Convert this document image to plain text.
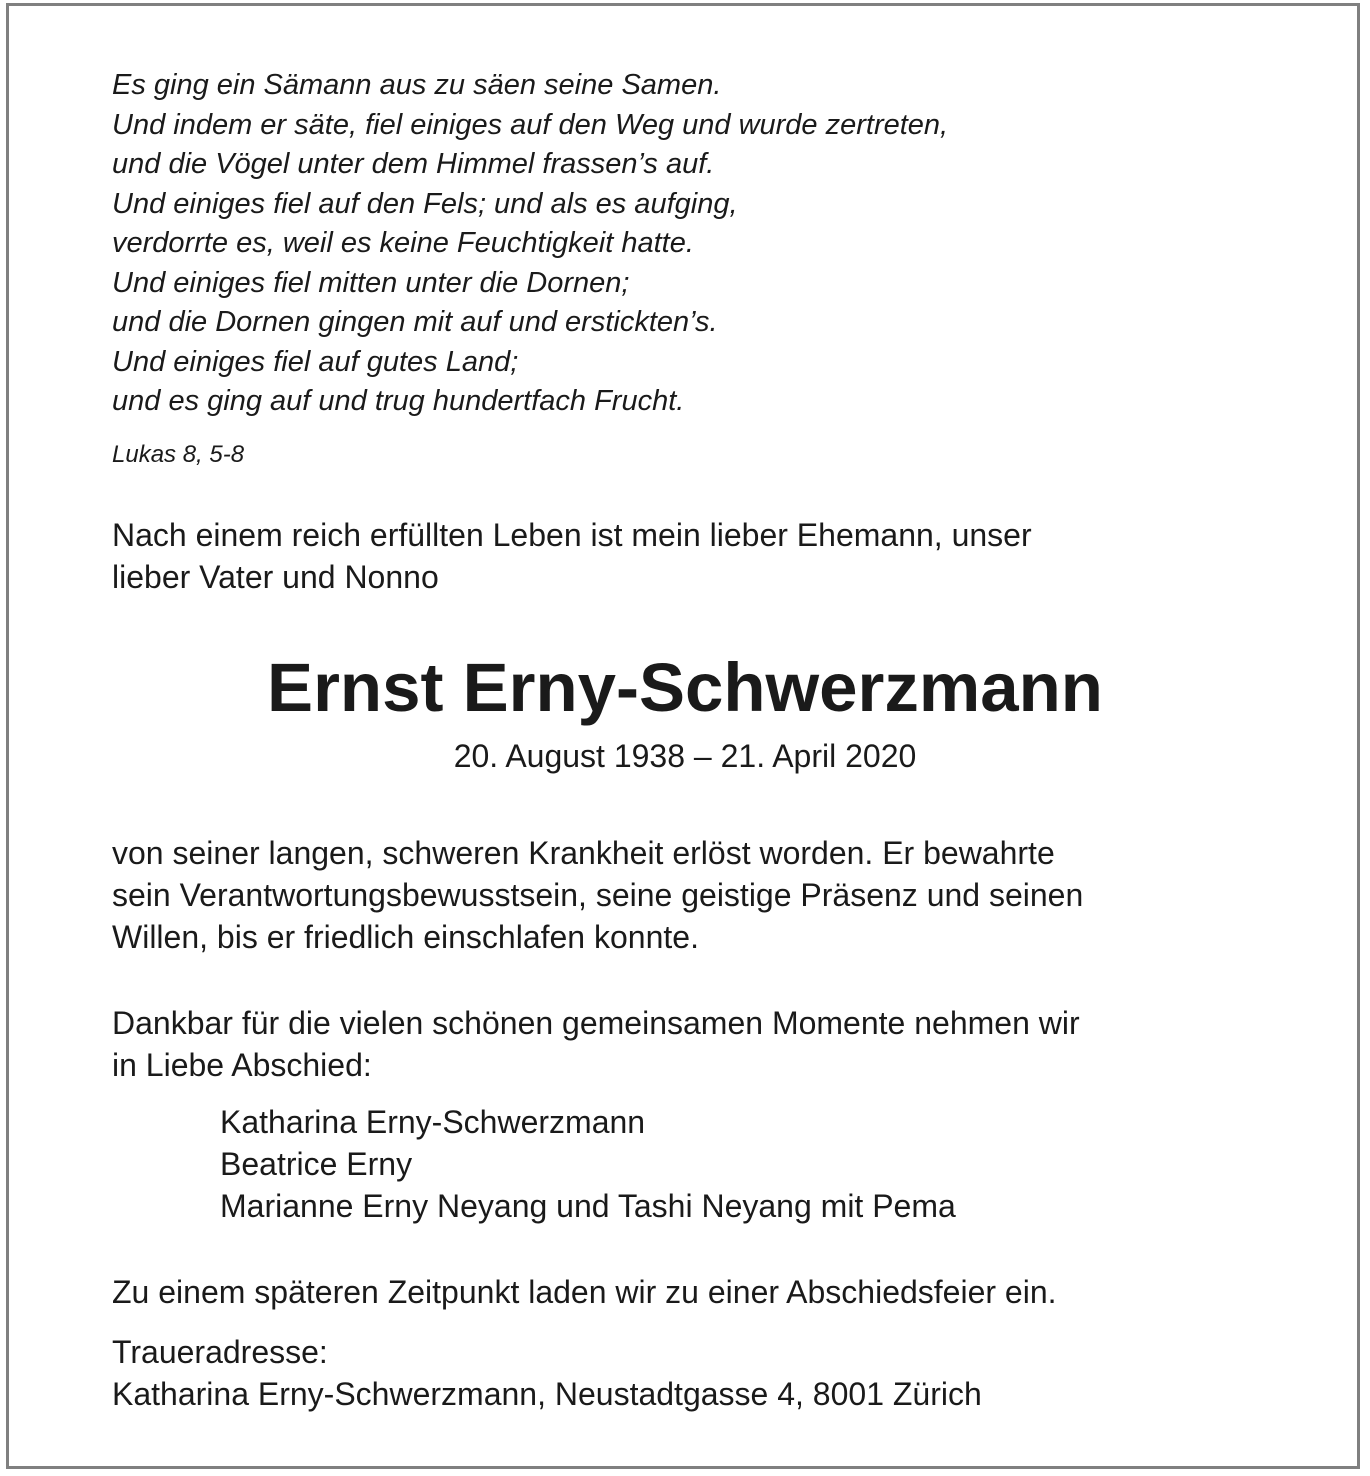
Es ging ein Sämann aus zu säen seine Samen.
Und indem er säte, fiel einiges auf den Weg und wurde zertreten,
und die Vögel unter dem Himmel frassen’s auf.
Und einiges fiel auf den Fels; und als es aufging,
verdorrte es, weil es keine Feuchtigkeit hatte.
Und einiges fiel mitten unter die Dornen;
und die Dornen gingen mit auf und erstickten’s.
Und einiges fiel auf gutes Land;
und es ging auf und trug hundertfach Frucht.

Lukas 8, 5-8

Nach einem reich erfüllten Leben ist mein lieber Ehemann, unser
lieber Vater und Nonno

Ernst Erny-Schwerzmann
20. August 1938 – 21. April 2020

von seiner langen, schweren Krankheit erlöst worden. Er bewahrte
sein Verantwortungsbewusstsein, seine geistige Präsenz und seinen
Willen, bis er friedlich einschlafen konnte.

Dankbar für die vielen schönen gemeinsamen Momente nehmen wir
in Liebe Abschied:

Katharina Erny-Schwerzmann
Beatrice Erny
Marianne Erny Neyang und Tashi Neyang mit Pema

Zu einem späteren Zeitpunkt laden wir zu einer Abschiedsfeier ein.

Traueradresse:
Katharina Erny-Schwerzmann, Neustadtgasse 4, 8001 Zürich
